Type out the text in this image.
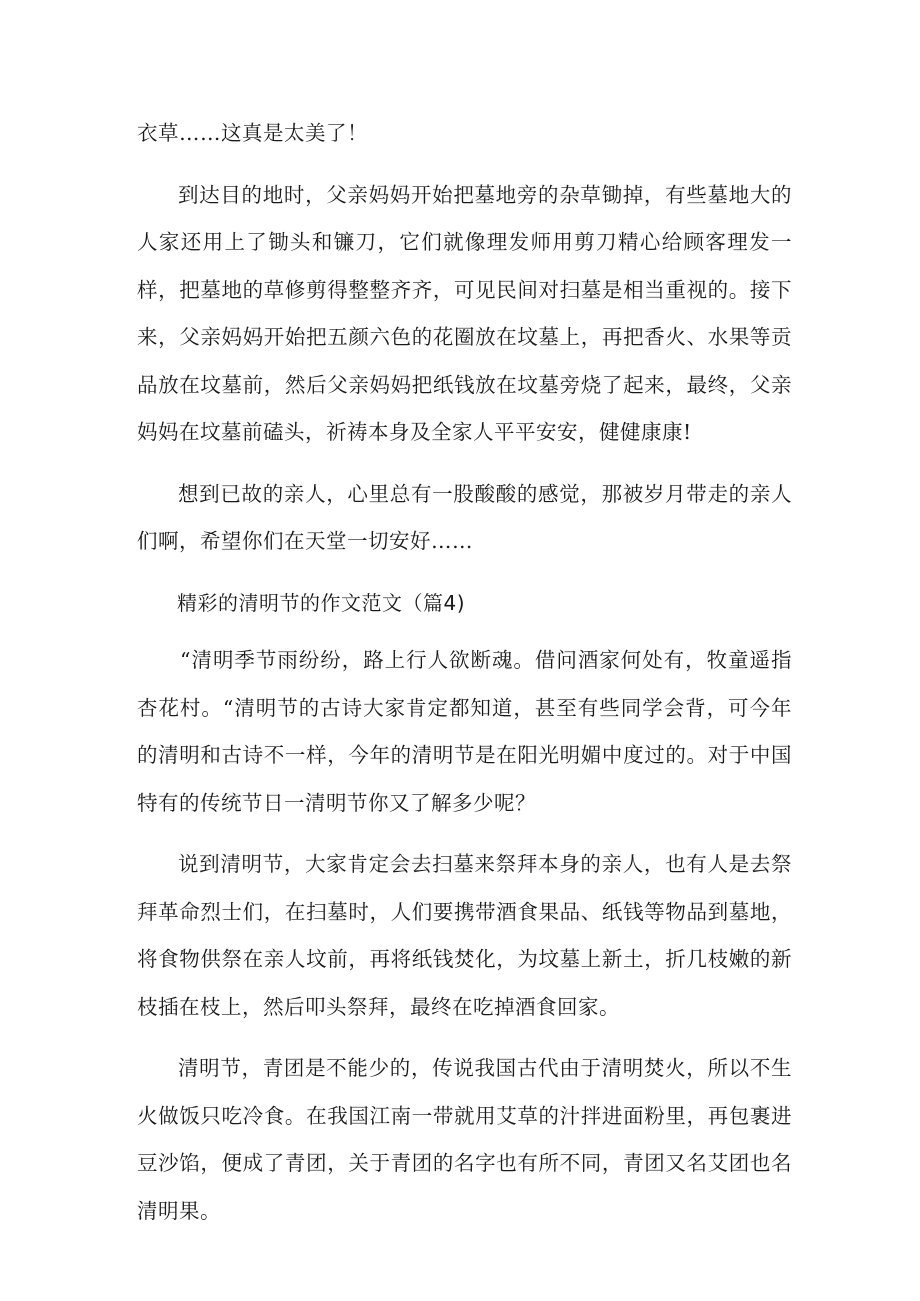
衣草……这真是太美了！

到达目的地时，父亲妈妈开始把墓地旁的杂草锄掉，有些墓地大的人家还用上了锄头和镰刀，它们就像理发师用剪刀精心给顾客理发一样，把墓地的草修剪得整整齐齐，可见民间对扫墓是相当重视的。接下来，父亲妈妈开始把五颜六色的花圈放在坟墓上，再把香火、水果等贡品放在坟墓前，然后父亲妈妈把纸钱放在坟墓旁烧了起来，最终，父亲妈妈在坟墓前磕头，祈祷本身及全家人平平安安，健健康康!

想到已故的亲人，心里总有一股酸酸的感觉，那被岁月带走的亲人们啊，希望你们在天堂一切安好……

精彩的清明节的作文范文（篇4)

“清明季节雨纷纷，路上行人欲断魂。借问酒家何处有，牧童遥指杏花村。“清明节的古诗大家肯定都知道，甚至有些同学会背，可今年的清明和古诗不一样，今年的清明节是在阳光明媚中度过的。对于中国特有的传统节日一清明节你又了解多少呢？

说到清明节，大家肯定会去扫墓来祭拜本身的亲人，也有人是去祭拜革命烈士们，在扫墓时，人们要携带酒食果品、纸钱等物品到墓地，将食物供祭在亲人坟前，再将纸钱焚化，为坟墓上新土，折几枝嫩的新枝插在枝上，然后叩头祭拜，最终在吃掉酒食回家。

清明节，青团是不能少的，传说我国古代由于清明焚火，所以不生火做饭只吃冷食。在我国江南一带就用艾草的汁拌进面粉里，再包裹进豆沙馅，便成了青团，关于青团的名字也有所不同，青团又名艾团也名清明果。
